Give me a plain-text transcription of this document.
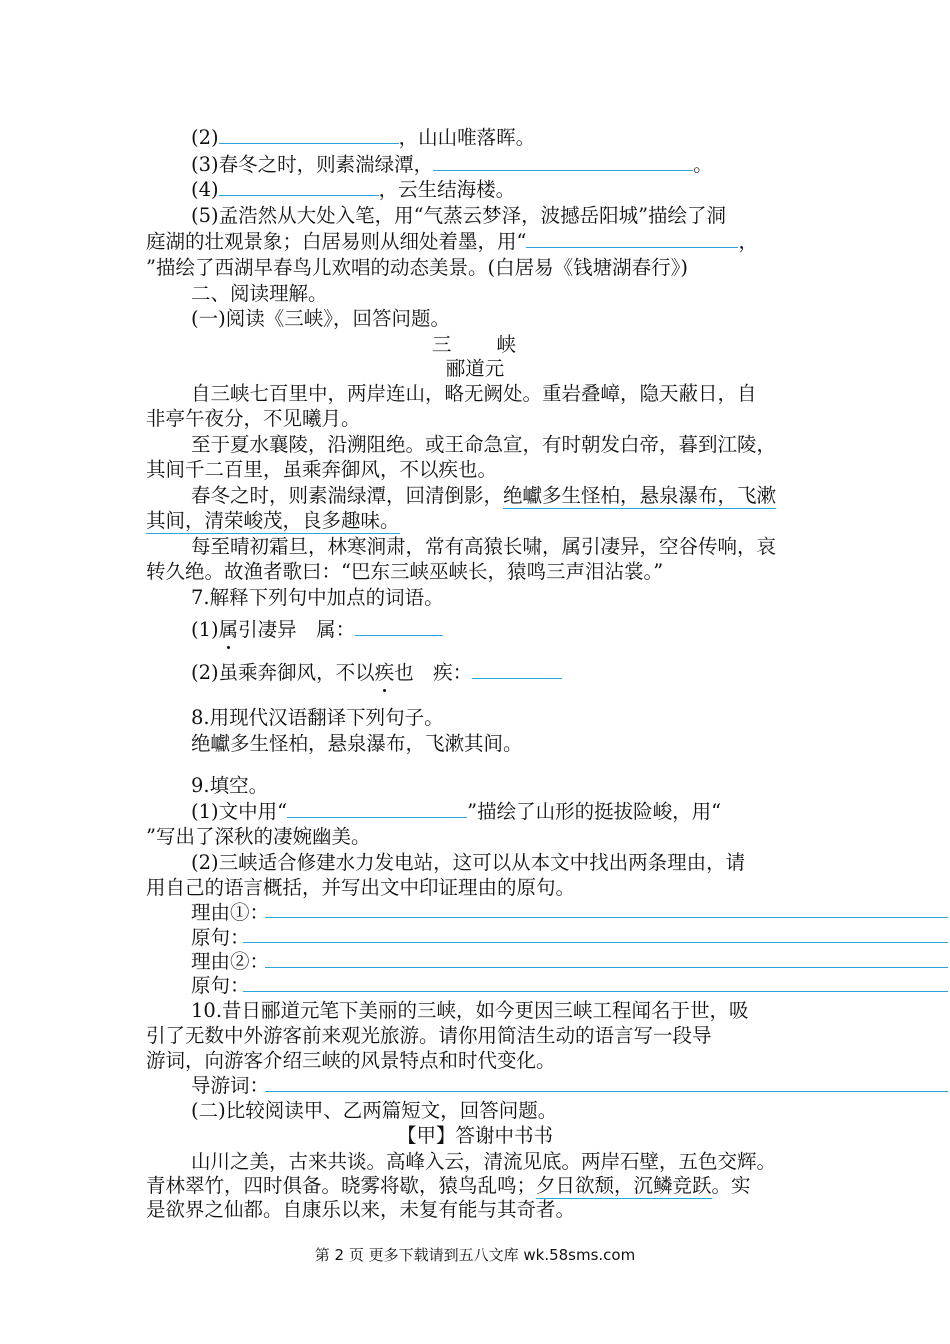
(2)	，山山唯落晖。
(3)春冬之时，则素湍绿潭，	。
(4)	，云生结海楼。
(5)孟浩然从大处入笔，用“气蒸云梦泽，波撼岳阳城”描绘了洞
庭湖的壮观景象；白居易则从细处着墨，用“	，
”描绘了西湖早春鸟儿欢唱的动态美景。(白居易《钱塘湖春行》)
二、阅读理解。
(一)阅读《三峡》，回答问题。
三　　峡
郦道元
自三峡七百里中，两岸连山，略无阙处。重岩叠嶂，隐天蔽日，自
非亭午夜分，不见曦月。
至于夏水襄陵，沿溯阻绝。或王命急宣，有时朝发白帝，暮到江陵，
其间千二百里，虽乘奔御风，不以疾也。
春冬之时，则素湍绿潭，回清倒影，绝巘多生怪柏，悬泉瀑布，飞漱
其间，清荣峻茂，良多趣味。
每至晴初霜旦，林寒涧肃，常有高猿长啸，属引凄异，空谷传响，哀
转久绝。故渔者歌曰：“巴东三峡巫峡长，猿鸣三声泪沾裳。”
7.解释下列句中加点的词语。
(1)属引凄异　属：
(2)虽乘奔御风，不以疾也　疾：
8.用现代汉语翻译下列句子。
绝巘多生怪柏，悬泉瀑布，飞漱其间。
9.填空。
(1)文中用“	”描绘了山形的挺拔险峻，用“
”写出了深秋的凄婉幽美。
(2)三峡适合修建水力发电站，这可以从本文中找出两条理由，请
用自己的语言概括，并写出文中印证理由的原句。
理由①：
原句：
理由②：
原句：
10.昔日郦道元笔下美丽的三峡，如今更因三峡工程闻名于世，吸
引了无数中外游客前来观光旅游。请你用简洁生动的语言写一段导
游词，向游客介绍三峡的风景特点和时代变化。
导游词：
(二)比较阅读甲、乙两篇短文，回答问题。
【甲】答谢中书书
山川之美，古来共谈。高峰入云，清流见底。两岸石壁，五色交辉。
青林翠竹，四时俱备。晓雾将歇，猿鸟乱鸣；夕日欲颓，沉鳞竞跃。实
是欲界之仙都。自康乐以来，未复有能与其奇者。
第 2 页 更多下载请到五八文库 wk.58sms.com
